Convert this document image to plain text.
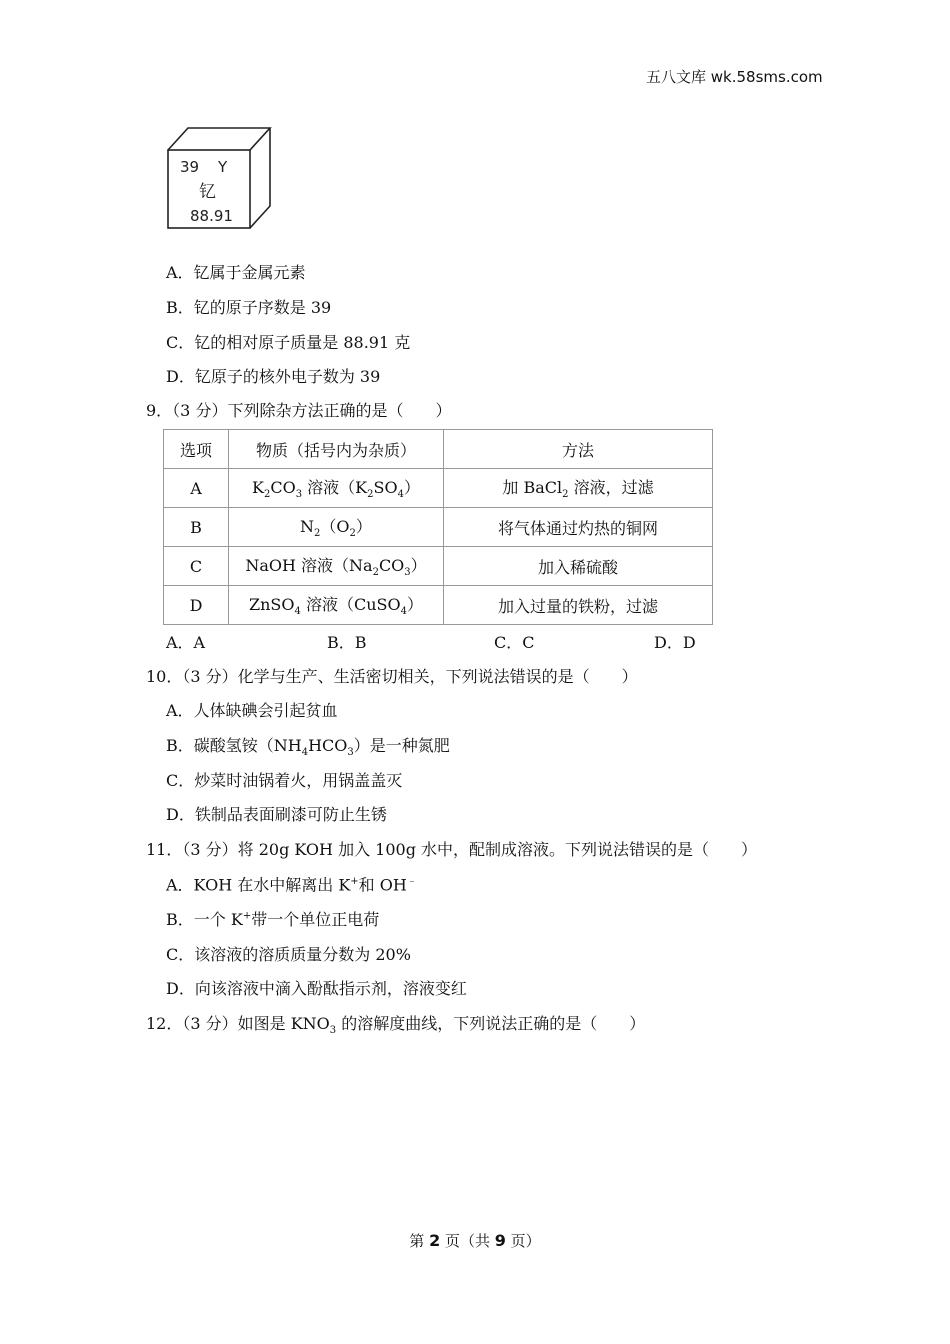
五八文库 wk.58sms.com
39 Y
钇
88.91
A．钇属于金属元素
B．钇的原子序数是 39
C．钇的相对原子质量是 88.91 克
D．钇原子的核外电子数为 39
9．（3 分）下列除杂方法正确的是（　　）
选项	物质（括号内为杂质）	方法
A	$K_2CO_3$ 溶液$(K_2SO_4)$	加 BaCl$_2$ 溶液，过滤
B	$N_2(O_2)$	将气体通过灼热的铜网
C	NaOH 溶液$(Na_2CO_3)$	加入稀硫酸
D	ZnSO$_4$ 溶液（CuSO$_4$）	加入过量的铁粉，过滤
A．A	B．B	C．C	D．D
10．（3 分）化学与生产、生活密切相关，下列说法错误的是（　　）
A．人体缺碘会引起贫血
B．碳酸氢铵$(NH_4HCO_3)$是一种氮肥
C．炒菜时油锅着火，用锅盖盖灭
D．铁制品表面刷漆可防止生锈
11．（3 分）将 20g KOH 加入 100g 水中，配制成溶液。下列说法错误的是（　　）
A．KOH 在水中解离出 K+和 OH﹣
B．一个 K+带一个单位正电荷
C．该溶液的溶质质量分数为 20%
D．向该溶液中滴入酚酞指示剂，溶液变红
12．（3 分）如图是 $KNO_3$ 的溶解度曲线，下列说法正确的是（　　）
第 2 页（共 9 页）
